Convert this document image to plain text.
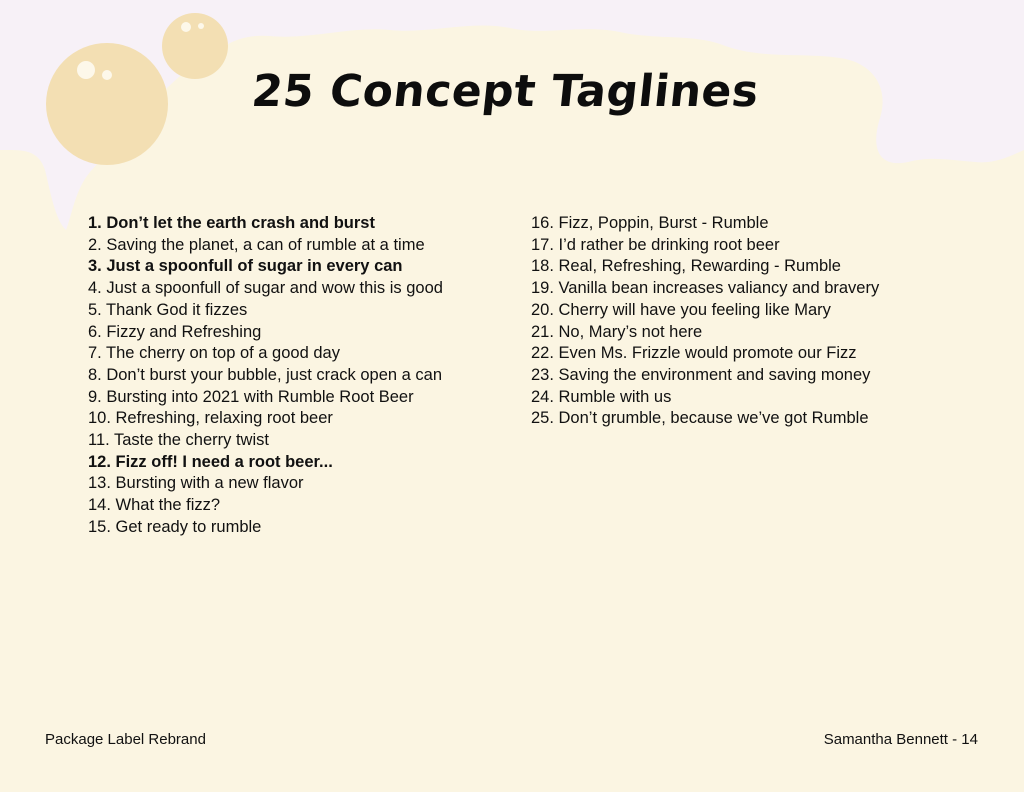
25 Concept Taglines
1. Don’t let the earth crash and burst
2. Saving the planet, a can of rumble at a time
3. Just a spoonfull of sugar in every can
4. Just a spoonfull of sugar and wow this is good
5. Thank God it fizzes
6. Fizzy and Refreshing
7. The cherry on top of a good day
8. Don’t burst your bubble, just crack open a can
9. Bursting into 2021 with Rumble Root Beer
10. Refreshing, relaxing root beer
11. Taste the cherry twist
12. Fizz off! I need a root beer...
13. Bursting with a new flavor
14. What the fizz?
15. Get ready to rumble
16. Fizz, Poppin, Burst - Rumble
17. I’d rather be drinking root beer
18. Real, Refreshing, Rewarding - Rumble
19. Vanilla bean increases valiancy and bravery
20. Cherry will have you feeling like Mary
21. No, Mary’s not here
22. Even Ms. Frizzle would promote our Fizz
23. Saving the environment and saving money
24. Rumble with us
25. Don’t grumble, because we’ve got Rumble
Package Label Rebrand	Samantha Bennett - 14
